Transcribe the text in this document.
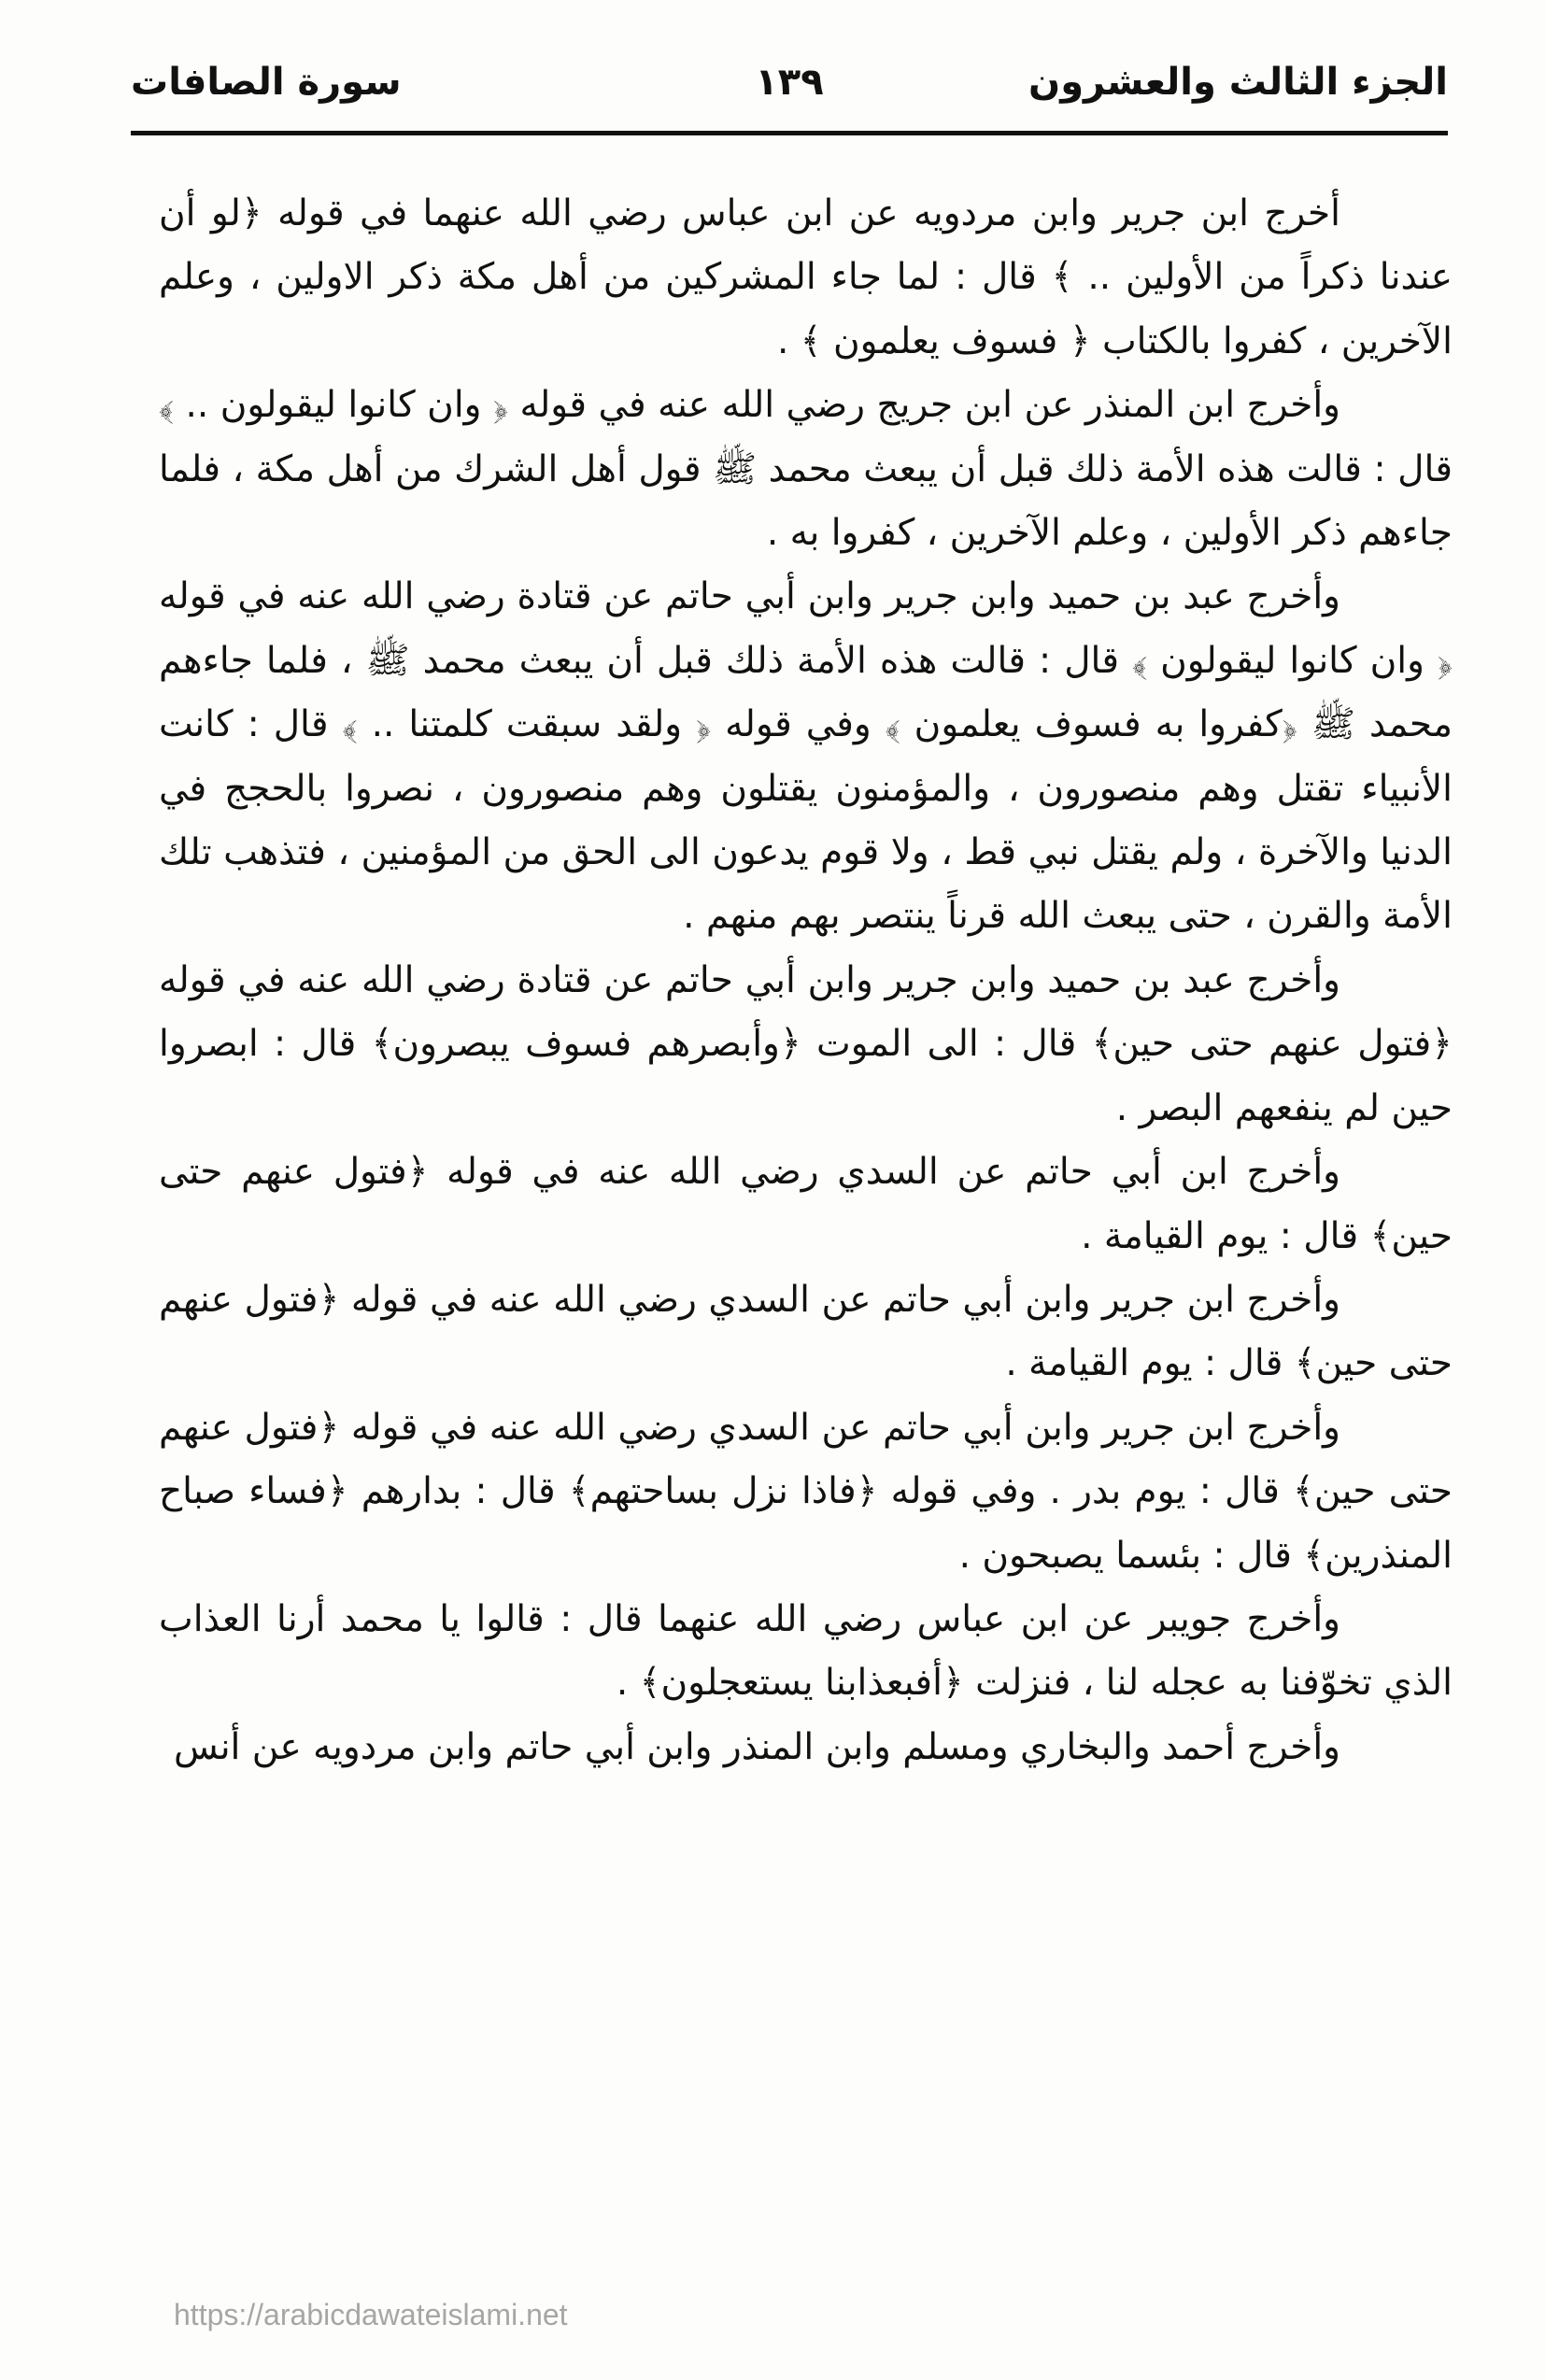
الجزء الثالث والعشرون
١٣٩
سورة الصافات

أخرج ابن جرير وابن مردويه عن ابن عباس رضي الله عنهما في قوله ﴿لو أن عندنا ذكراً من الأولين .. ﴾ قال : لما جاء المشركين من أهل مكة ذكر الاولين ، وعلم الآخرين ، كفروا بالكتاب ﴿ فسوف يعلمون ﴾ .

وأخرج ابن المنذر عن ابن جريج رضي الله عنه في قوله ﴿ وان كانوا ليقولون .. ﴾ قال : قالت هذه الأمة ذلك قبل أن يبعث محمد ﷺ قول أهل الشرك من أهل مكة ، فلما جاءهم ذكر الأولين ، وعلم الآخرين ، كفروا به .

وأخرج عبد بن حميد وابن جرير وابن أبي حاتم عن قتادة رضي الله عنه في قوله ﴿ وان كانوا ليقولون ﴾ قال : قالت هذه الأمة ذلك قبل أن يبعث محمد ﷺ ، فلما جاءهم محمد ﷺ ﴿كفروا به فسوف يعلمون ﴾ وفي قوله ﴿ ولقد سبقت كلمتنا .. ﴾ قال : كانت الأنبياء تقتل وهم منصورون ، والمؤمنون يقتلون وهم منصورون ، نصروا بالحجج في الدنيا والآخرة ، ولم يقتل نبي قط ، ولا قوم يدعون الى الحق من المؤمنين ، فتذهب تلك الأمة والقرن ، حتى يبعث الله قرناً ينتصر بهم منهم .

وأخرج عبد بن حميد وابن جرير وابن أبي حاتم عن قتادة رضي الله عنه في قوله ﴿فتول عنهم حتى حين﴾ قال : الى الموت ﴿وأبصرهم فسوف يبصرون﴾ قال : ابصروا حين لم ينفعهم البصر .

وأخرج ابن أبي حاتم عن السدي رضي الله عنه في قوله ﴿فتول عنهم حتى حين﴾ قال : يوم القيامة .

وأخرج ابن جرير وابن أبي حاتم عن السدي رضي الله عنه في قوله ﴿فتول عنهم حتى حين﴾ قال : يوم القيامة .

وأخرج ابن جرير وابن أبي حاتم عن السدي رضي الله عنه في قوله ﴿فتول عنهم حتى حين﴾ قال : يوم بدر . وفي قوله ﴿فاذا نزل بساحتهم﴾ قال : بدارهم ﴿فساء صباح المنذرين﴾ قال : بئسما يصبحون .

وأخرج جويبر عن ابن عباس رضي الله عنهما قال : قالوا يا محمد أرنا العذاب الذي تخوّفنا به عجله لنا ، فنزلت ﴿أفبعذابنا يستعجلون﴾ .

وأخرج أحمد والبخاري ومسلم وابن المنذر وابن أبي حاتم وابن مردويه عن أنس

https://arabicdawateislami.net
